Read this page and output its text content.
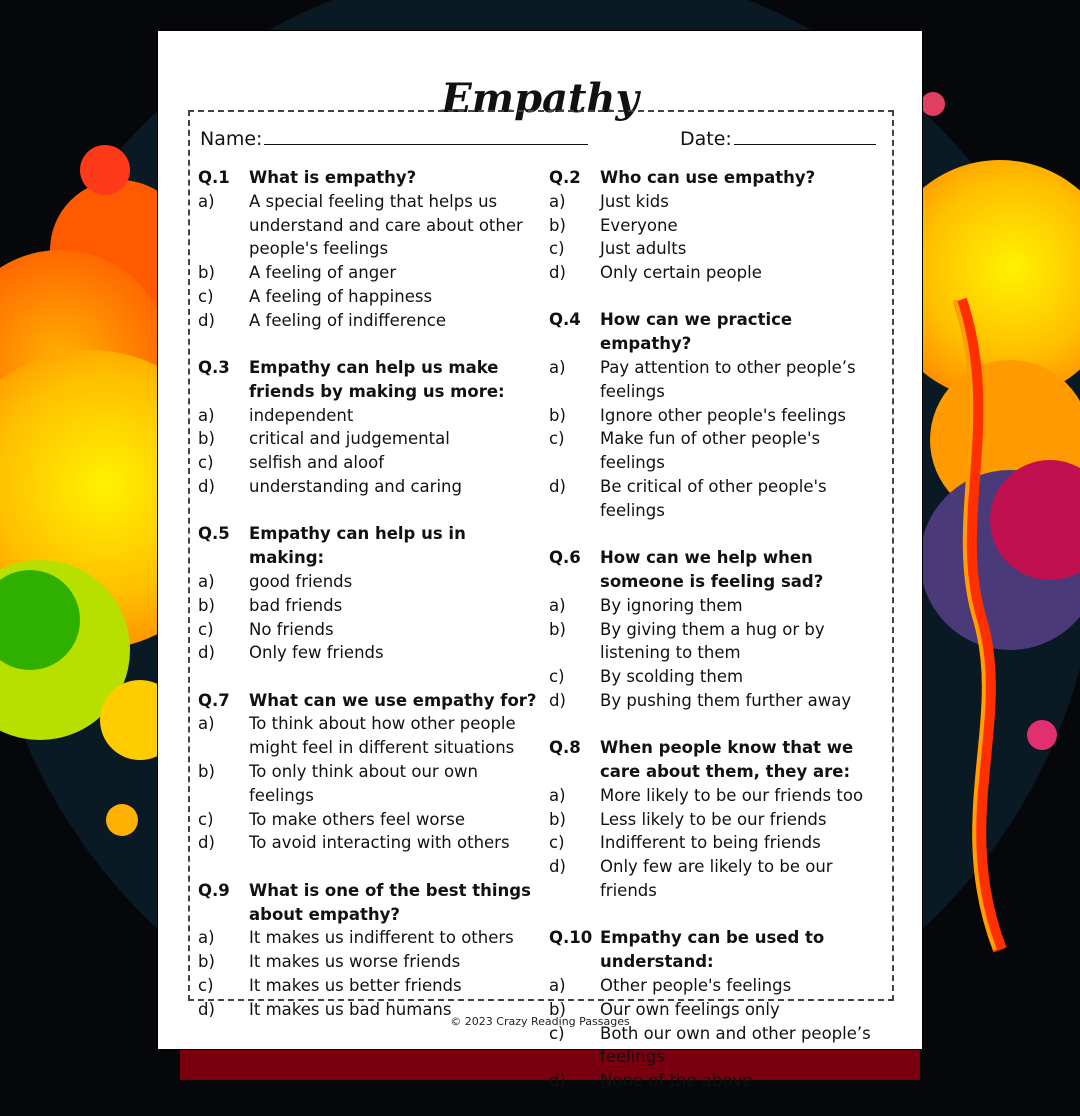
Empathy
Name:	Date:
Q.1	What is empathy?
a)	A special feeling that helps us understand and care about other people's feelings
b)	A feeling of anger
c)	A feeling of happiness
d)	A feeling of indifference
Q.3	Empathy can help us make friends by making us more:
a)	independent
b)	critical and judgemental
c)	selfish and aloof
d)	understanding and caring
Q.5	Empathy can help us in making:
a)	good friends
b)	bad friends
c)	No friends
d)	Only few friends
Q.7	What can we use empathy for?
a)	To think about how other people might feel in different situations
b)	To only think about our own feelings
c)	To make others feel worse
d)	To avoid interacting with others
Q.9	What is one of the best things about empathy?
a)	It makes us indifferent to others
b)	It makes us worse friends
c)	It makes us better friends
d)	It makes us bad humans
Q.2	Who can use empathy?
a)	Just kids
b)	Everyone
c)	Just adults
d)	Only certain people
Q.4	How can we practice empathy?
a)	Pay attention to other people’s feelings
b)	Ignore other people's feelings
c)	Make fun of other people's feelings
d)	Be critical of other people's feelings
Q.6	How can we help when someone is feeling sad?
a)	By ignoring them
b)	By giving them a hug or by listening to them
c)	By scolding them
d)	By pushing them further away
Q.8	When people know that we care about them, they are:
a)	More likely to be our friends too
b)	Less likely to be our friends
c)	Indifferent to being friends
d)	Only few are likely to be our friends
Q.10 Empathy can be used to understand:
a)	Other people's feelings
b)	Our own feelings only
c)	Both our own and other people’s feelings
d)	None of the above
© 2023 Crazy Reading Passages
